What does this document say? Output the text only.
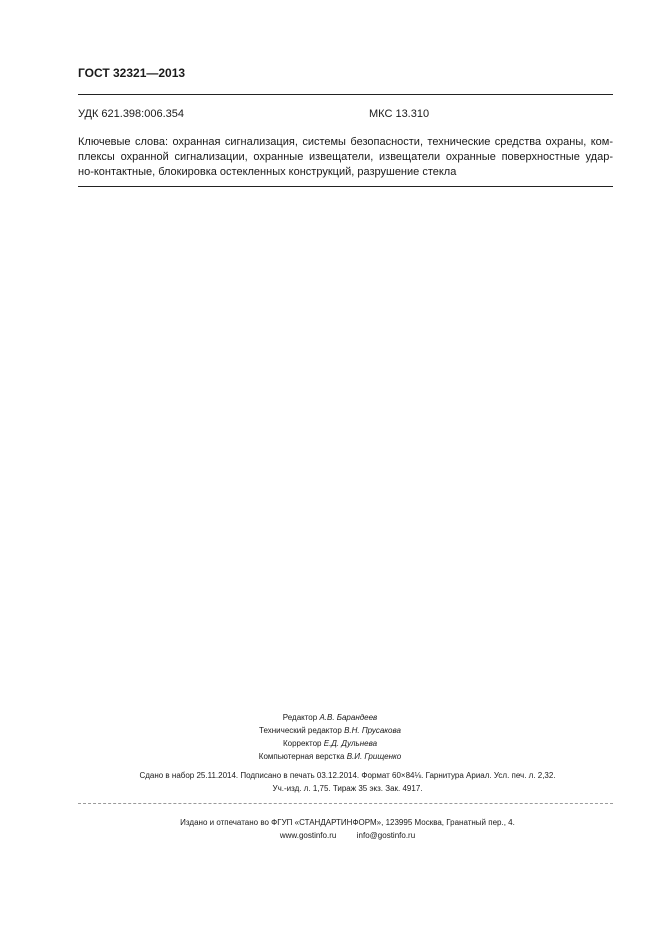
ГОСТ 32321—2013
УДК 621.398:006.354	МКС 13.310
Ключевые слова: охранная сигнализация, системы безопасности, технические средства охраны, ком-
плексы охранной сигнализации, охранные извещатели, извещатели охранные поверхностные удар-
но-контактные, блокировка остекленных конструкций, разрушение стекла
Редактор А.В. Барандеев
Технический редактор В.Н. Прусакова
Корректор Е.Д. Дульнева
Компьютерная верстка В.И. Грищенко
Сдано в набор 25.11.2014. Подписано в печать 03.12.2014. Формат 60×84⅛. Гарнитура Ариал. Усл. печ. л. 2,32.
Уч.-изд. л. 1,75. Тираж 35 экз. Зак. 4917.
Издано и отпечатано во ФГУП «СТАНДАРТИНФОРМ», 123995 Москва, Гранатный пер., 4.
www.gostinfo.ru	info@gostinfo.ru
